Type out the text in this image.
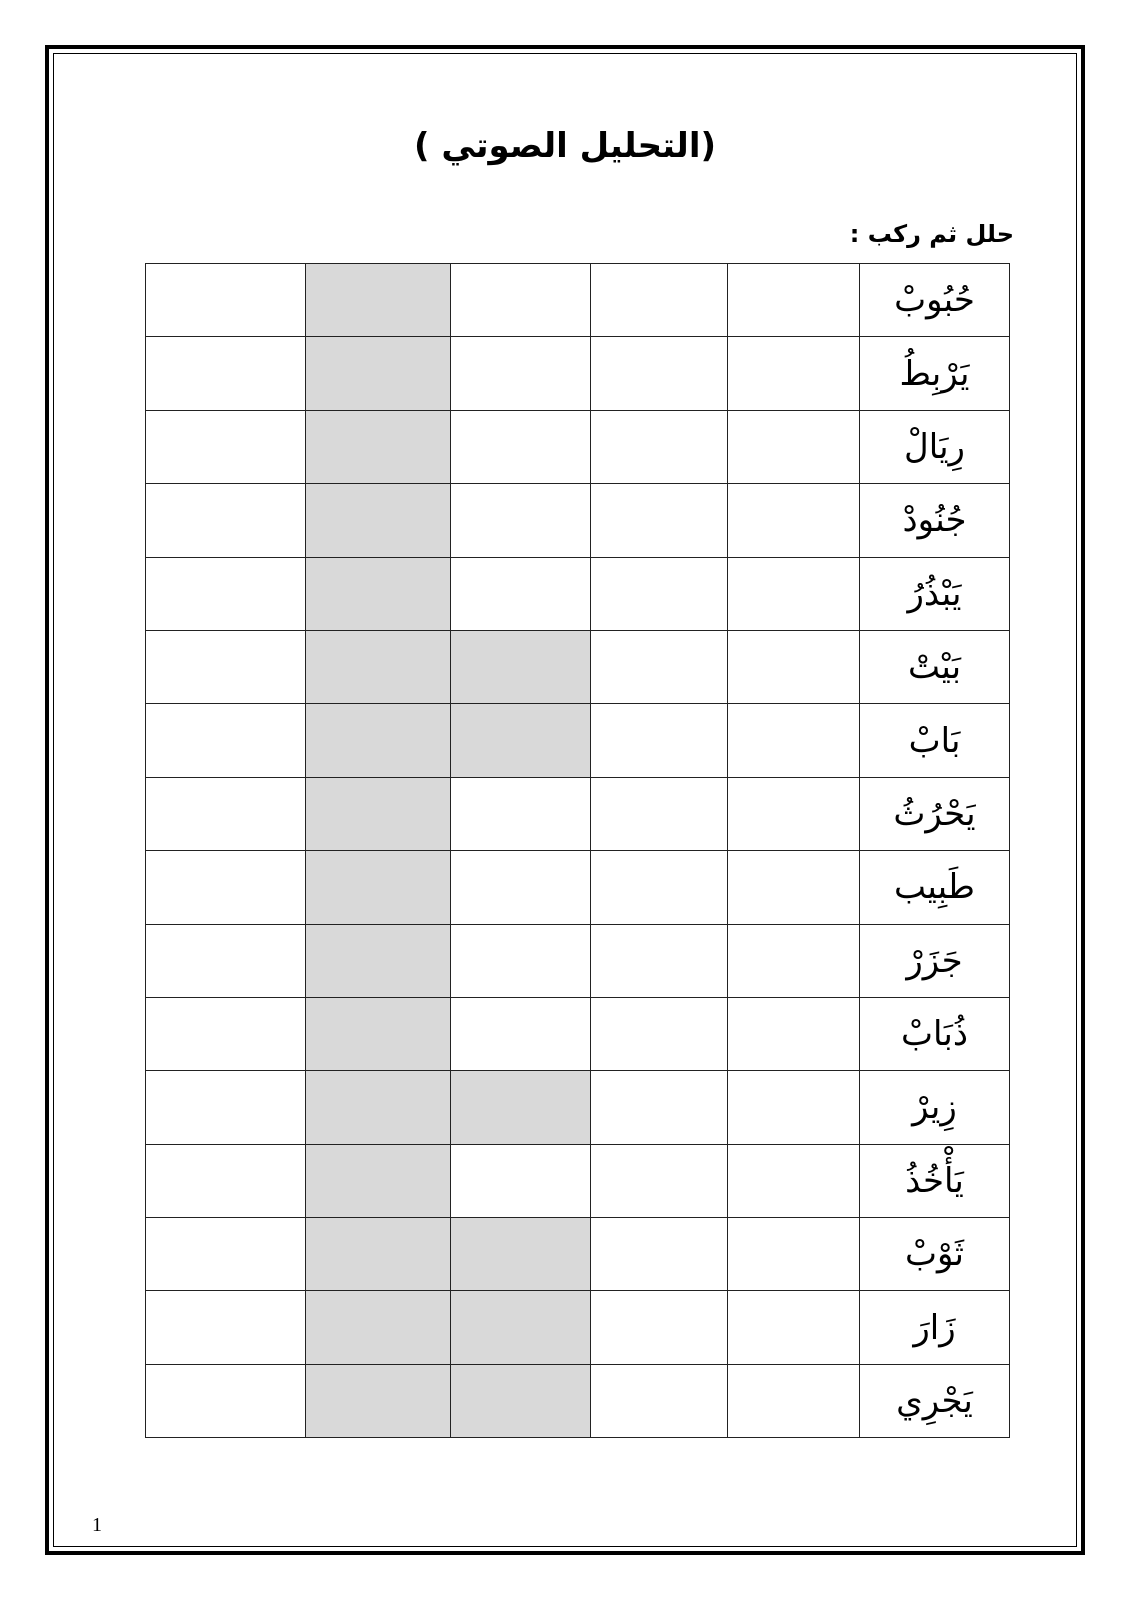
(التحليل الصوتي )
حلل ثم ركب :
					حُبُوبْ
					يَرْبِطُ
					رِيَالْ
					جُنُودْ
					يَبْذُرُ
					بَيْتْ
					بَابْ
					يَحْرُثُ
					طَبِيب
					جَزَرْ
					ذُبَابْ
					زِيرْ
					يَأْخُذُ
					ثَوْبْ
					زَارَ
					يَجْرِي
1
